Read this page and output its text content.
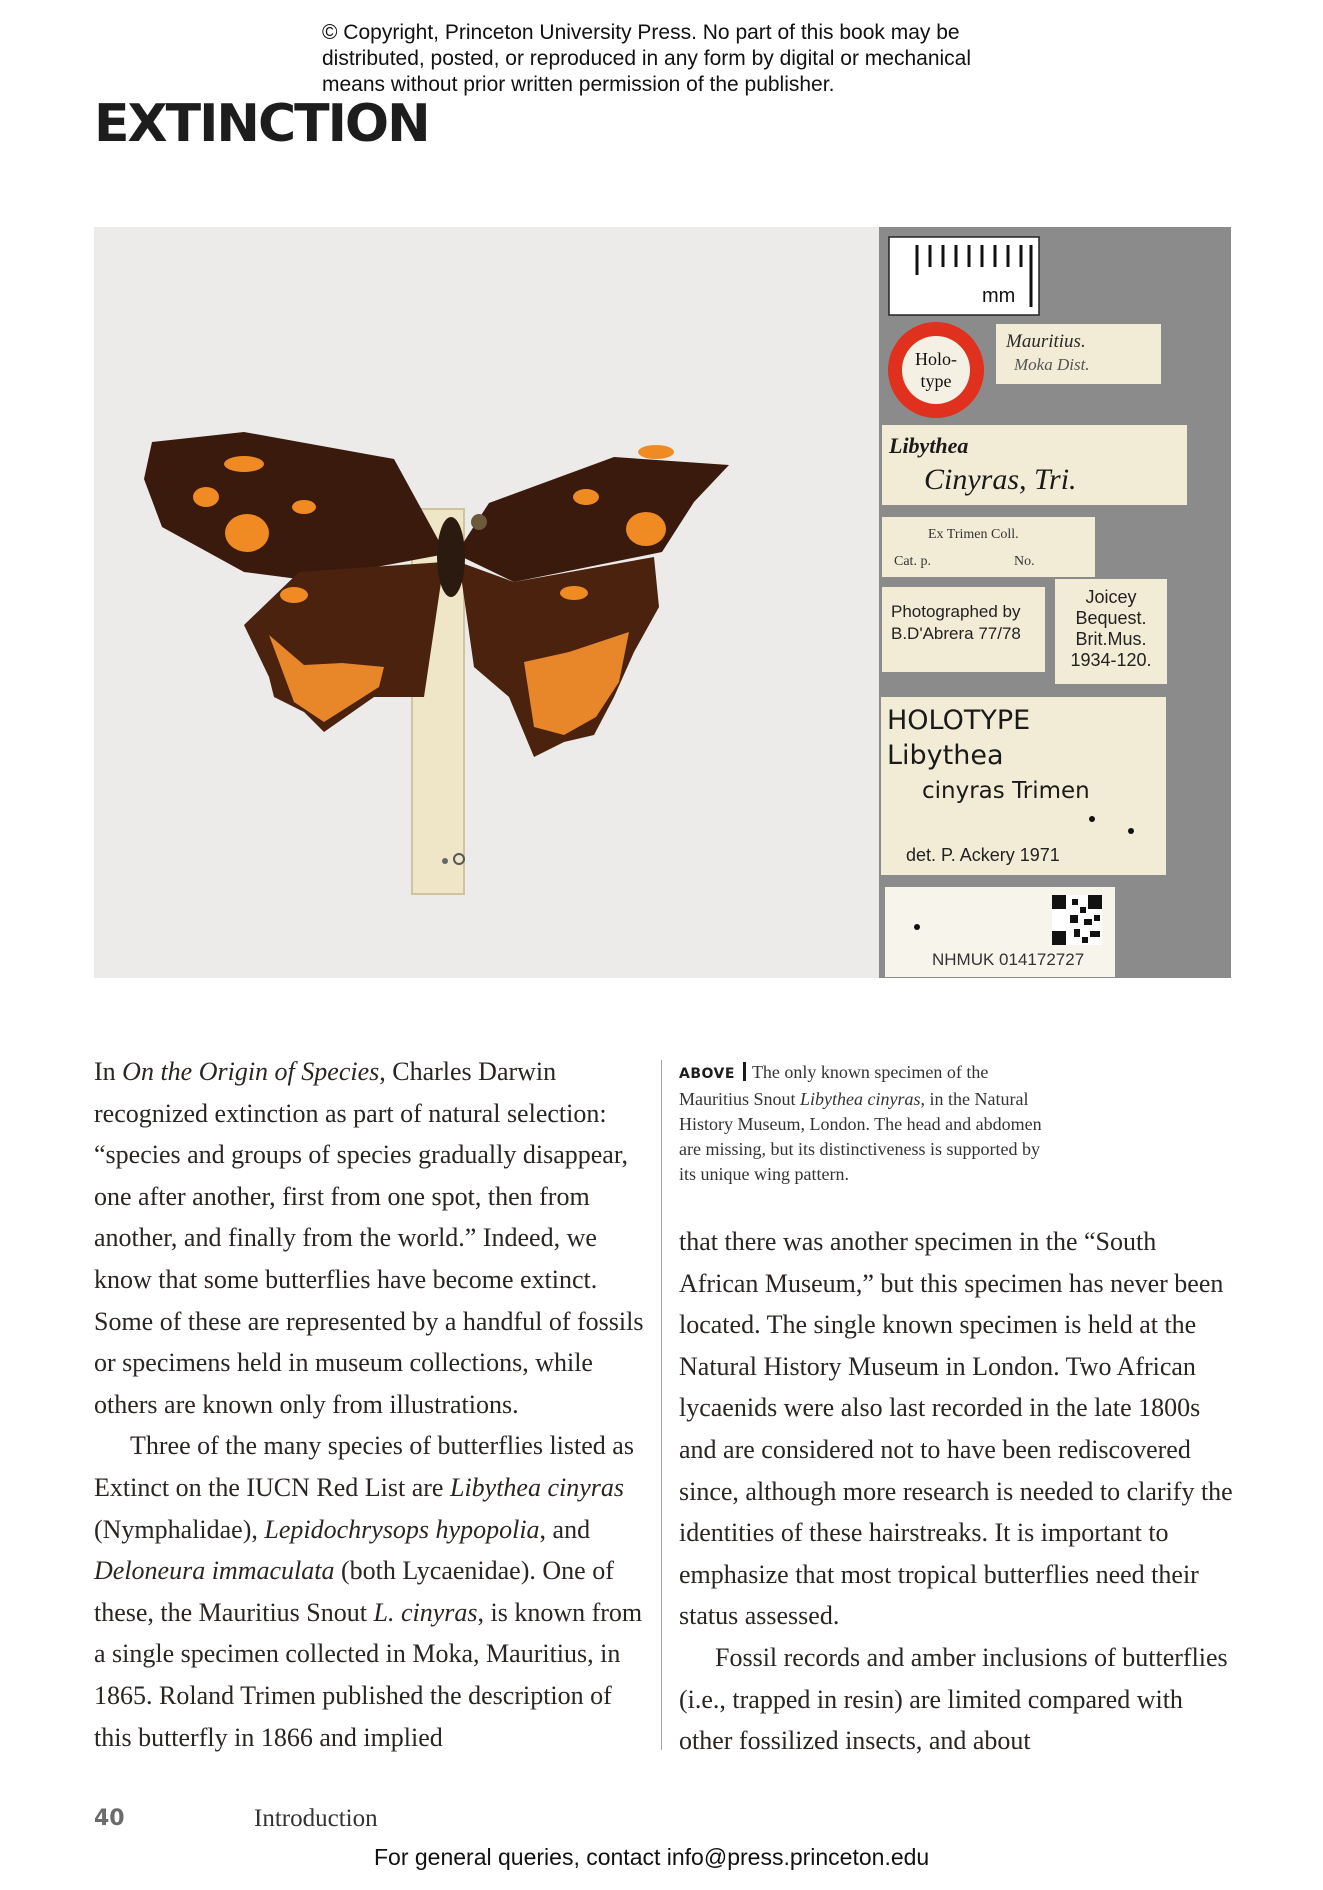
© Copyright, Princeton University Press. No part of this book may be
distributed, posted, or reproduced in any form by digital or mechanical
means without prior written permission of the publisher.
EXTINCTION
mm
Holo-
type
Mauritius.
Moka Dist.
Libythea
Cinyras, Tri.
Ex Trimen Coll.
Cat. p.	No.
Photographed by
B.D'Abrera 77/78
Joicey
Bequest.
Brit.Mus.
1934-120.
HOLOTYPE
Libythea
cinyras Trimen
det. P. Ackery 1971
NHMUK 014172727

In On the Origin of Species, Charles Darwin recognized extinction as part of natural selection: “species and groups of species gradually disappear, one after another, first from one spot, then from another, and finally from the world.” Indeed, we know that some butterflies have become extinct. Some of these are represented by a handful of fossils or specimens held in museum collections, while others are known only from illustrations.

Three of the many species of butterflies listed as Extinct on the IUCN Red List are Libythea cinyras (Nymphalidae), Lepidochrysops hypopolia, and Deloneura immaculata (both Lycaenidae). One of these, the Mauritius Snout L. cinyras, is known from a single specimen collected in Moka, Mauritius, in 1865. Roland Trimen published the description of this butterfly in 1866 and implied

ABOVE The only known specimen of the Mauritius Snout Libythea cinyras, in the Natural History Museum, London. The head and abdomen are missing, but its distinctiveness is supported by its unique wing pattern.

that there was another specimen in the “South African Museum,” but this specimen has never been located. The single known specimen is held at the Natural History Museum in London. Two African lycaenids were also last recorded in the late 1800s and are considered not to have been rediscovered since, although more research is needed to clarify the identities of these hairstreaks. It is important to emphasize that most tropical butterflies need their status assessed.

Fossil records and amber inclusions of butterflies (i.e., trapped in resin) are limited compared with other fossilized insects, and about

40	Introduction
For general queries, contact info@press.princeton.edu
